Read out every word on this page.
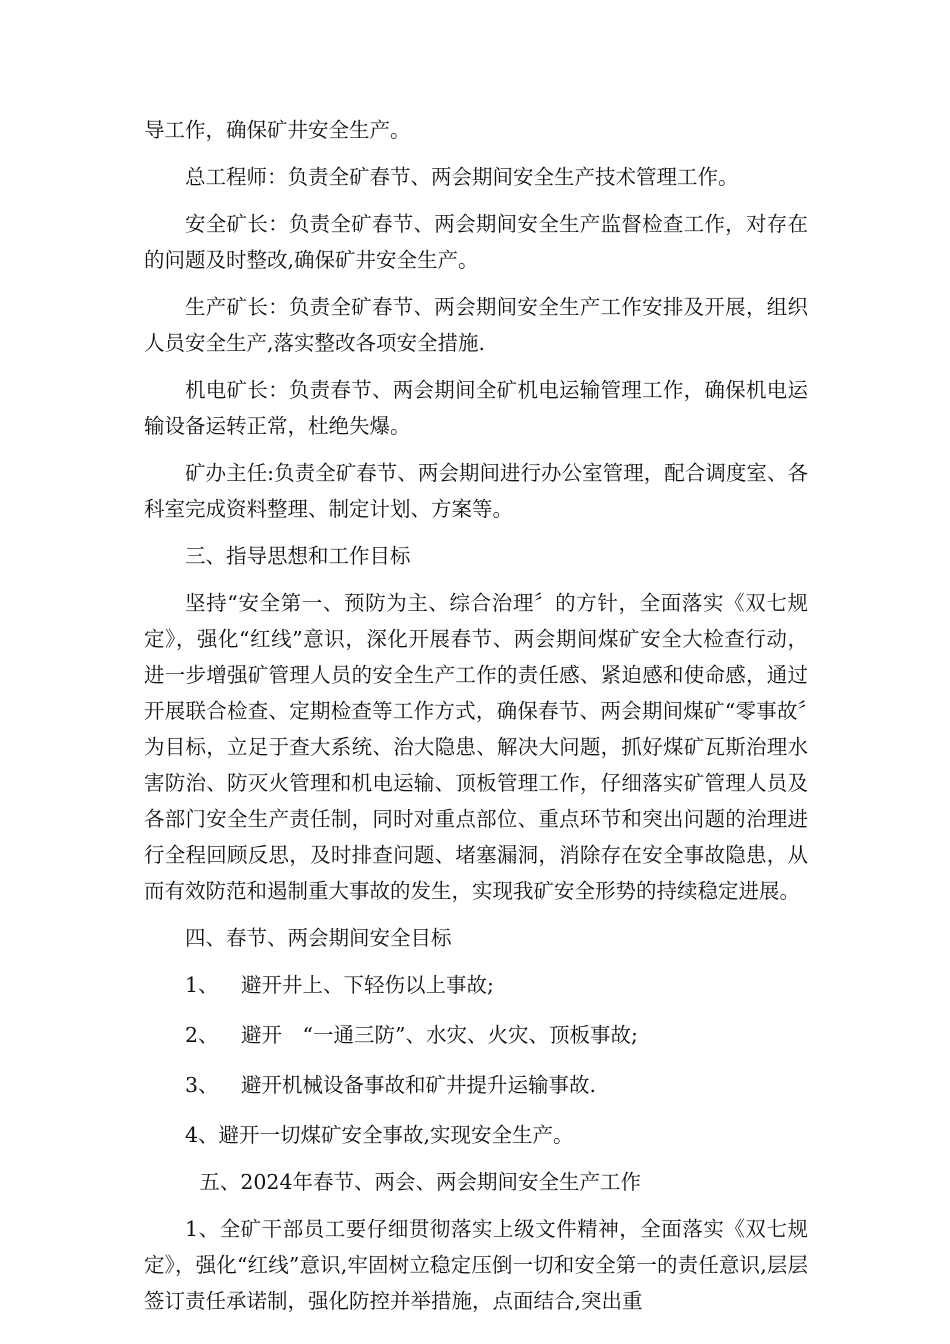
导工作，确保矿井安全生产。

总工程师：负责全矿春节、两会期间安全生产技术管理工作。

安全矿长：负责全矿春节、两会期间安全生产监督检查工作，对存在的问题及时整改,确保矿井安全生产。

生产矿长：负责全矿春节、两会期间安全生产工作安排及开展，组织人员安全生产,落实整改各项安全措施.

机电矿长：负责春节、两会期间全矿机电运输管理工作，确保机电运输设备运转正常，杜绝失爆。

矿办主任:负责全矿春节、两会期间进行办公室管理，配合调度室、各科室完成资料整理、制定计划、方案等。

三、指导思想和工作目标

坚持“安全第一、预防为主、综合治理〞的方针，全面落实《双七规定》，强化“红线”意识，深化开展春节、两会期间煤矿安全大检查行动，进一步增强矿管理人员的安全生产工作的责任感、紧迫感和使命感，通过开展联合检查、定期检查等工作方式，确保春节、两会期间煤矿“零事故〞为目标，立足于查大系统、治大隐患、解决大问题，抓好煤矿瓦斯治理水害防治、防灭火管理和机电运输、顶板管理工作，仔细落实矿管理人员及各部门安全生产责任制，同时对重点部位、重点环节和突出问题的治理进行全程回顾反思，及时排查问题、堵塞漏洞，消除存在安全事故隐患，从而有效防范和遏制重大事故的发生，实现我矿安全形势的持续稳定进展。

四、春节、两会期间安全目标

1、 避开井上、下轻伤以上事故;
2、 避开　“一通三防”、水灾、火灾、顶板事故;
3、 避开机械设备事故和矿井提升运输事故.

4、避开一切煤矿安全事故,实现安全生产。

五、2024年春节、两会、两会期间安全生产工作

1、全矿干部员工要仔细贯彻落实上级文件精神，全面落实《双七规定》，强化“红线”意识,牢固树立稳定压倒一切和安全第一的责任意识,层层签订责任承诺制，强化防控并举措施，点面结合,突出重
